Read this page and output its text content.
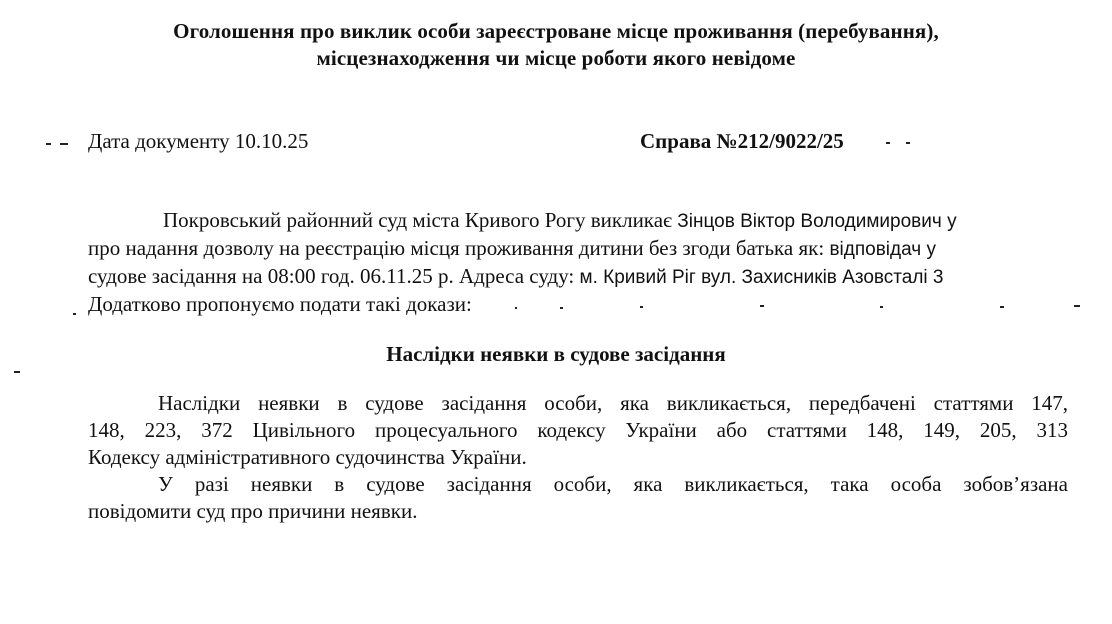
Оголошення про виклик особи зареєстроване місце проживання (перебування),
місцезнаходження чи місце роботи якого невідоме
Дата документу 10.10.25	Справа №212/9022/25
Покровський районний суд міста Кривого Рогу викликає Зінцов Віктор Володимирович у
про надання дозволу на реєстрацію місця проживання дитини без згоди батька як: відповідач у
судове засідання на 08:00 год. 06.11.25 р. Адреса суду: м. Кривий Ріг вул. Захисників Азовсталі 3
Додатково пропонуємо подати такі докази:
Наслідки неявки в судове засідання
Наслідки неявки в судове засідання особи, яка викликається, передбачені статтями 147,
148, 223, 372 Цивільного процесуального кодексу України або статтями 148, 149, 205, 313
Кодексу адміністративного судочинства України.
У разі неявки в судове засідання особи, яка викликається, така особа зобов’язана
повідомити суд про причини неявки.
